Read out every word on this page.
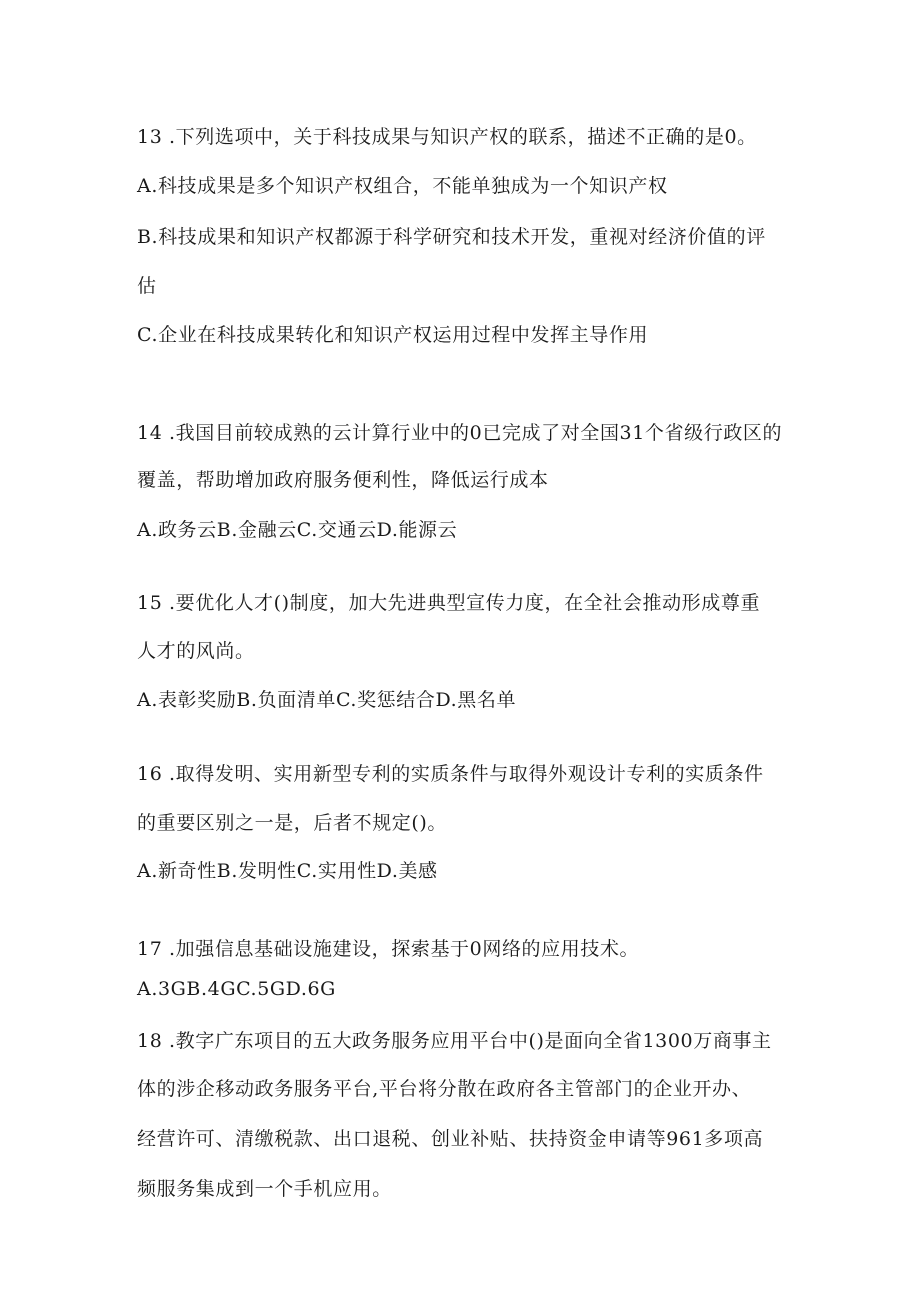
13 .下列选项中，关于科技成果与知识产权的联系，描述不正确的是0。
A.科技成果是多个知识产权组合，不能单独成为一个知识产权
B.科技成果和知识产权都源于科学研究和技术开发，重视对经济价值的评
估
C.企业在科技成果转化和知识产权运用过程中发挥主导作用
14 .我国目前较成熟的云计算行业中的0已完成了对全国31个省级行政区的
覆盖，帮助增加政府服务便利性，降低运行成本
A.政务云B.金融云C.交通云D.能源云
15 .要优化人才()制度，加大先进典型宣传力度，在全社会推动形成尊重
人才的风尚。
A.表彰奖励B.负面清单C.奖惩结合D.黑名单
16 .取得发明、实用新型专利的实质条件与取得外观设计专利的实质条件
的重要区别之一是，后者不规定()。
A.新奇性B.发明性C.实用性D.美感
17 .加强信息基础设施建设，探索基于0网络的应用技术。
A.3GB.4GC.5GD.6G
18 .教字广东项目的五大政务服务应用平台中()是面向全省1300万商事主
体的涉企移动政务服务平台,平台将分散在政府各主管部门的企业开办、
经营许可、清缴税款、出口退税、创业补贴、扶持资金申请等961多项高
频服务集成到一个手机应用。
